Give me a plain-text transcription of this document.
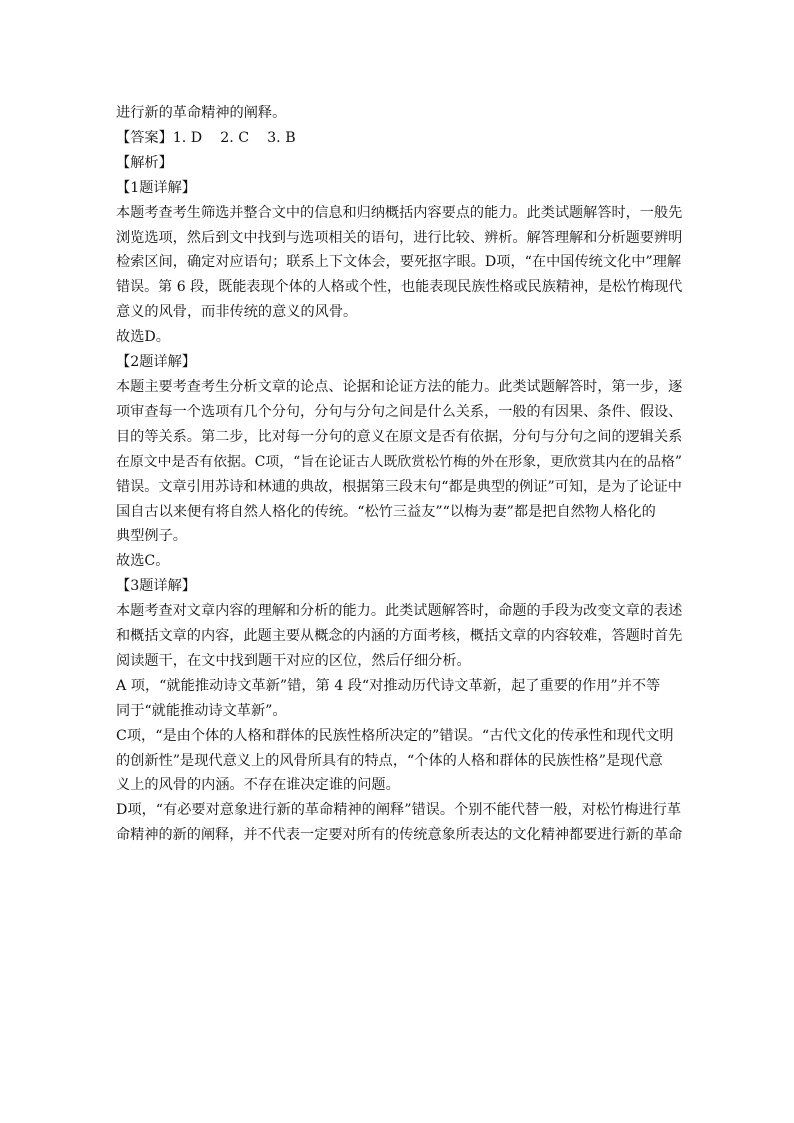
进行新的革命精神的阐释。
【答案】1. D    2. C    3. B
【解析】
【1题详解】
本题考查考生筛选并整合文中的信息和归纳概括内容要点的能力。此类试题解答时，一般先
浏览选项，然后到文中找到与选项相关的语句，进行比较、辨析。解答理解和分析题要辨明
检索区间，确定对应语句；联系上下文体会，要死抠字眼。D项，“在中国传统文化中”理解
错误。第 6 段，既能表现个体的人格或个性，也能表现民族性格或民族精神，是松竹梅现代
意义的风骨，而非传统的意义的风骨。
故选D。
【2题详解】
本题主要考查考生分析文章的论点、论据和论证方法的能力。此类试题解答时，第一步，逐
项审查每一个选项有几个分句，分句与分句之间是什么关系，一般的有因果、条件、假设、
目的等关系。第二步，比对每一分句的意义在原文是否有依据，分句与分句之间的逻辑关系
在原文中是否有依据。C项，“旨在论证古人既欣赏松竹梅的外在形象，更欣赏其内在的品格”
错误。文章引用苏诗和林逋的典故，根据第三段末句“都是典型的例证”可知，是为了论证中
国自古以来便有将自然人格化的传统。“松竹三益友”“以梅为妻”都是把自然物人格化的
典型例子。
故选C。
【3题详解】
本题考查对文章内容的理解和分析的能力。此类试题解答时，命题的手段为改变文章的表述
和概括文章的内容，此题主要从概念的内涵的方面考核，概括文章的内容较难，答题时首先
阅读题干，在文中找到题干对应的区位，然后仔细分析。
A 项，“就能推动诗文革新”错，第 4 段“对推动历代诗文革新，起了重要的作用”并不等
同于“就能推动诗文革新”。
C项，“是由个体的人格和群体的民族性格所决定的”错误。“古代文化的传承性和现代文明
的创新性”是现代意义上的风骨所具有的特点，“个体的人格和群体的民族性格”是现代意
义上的风骨的内涵。不存在谁决定谁的问题。
D项，“有必要对意象进行新的革命精神的阐释”错误。个别不能代替一般，对松竹梅进行革
命精神的新的阐释，并不代表一定要对所有的传统意象所表达的文化精神都要进行新的革命
